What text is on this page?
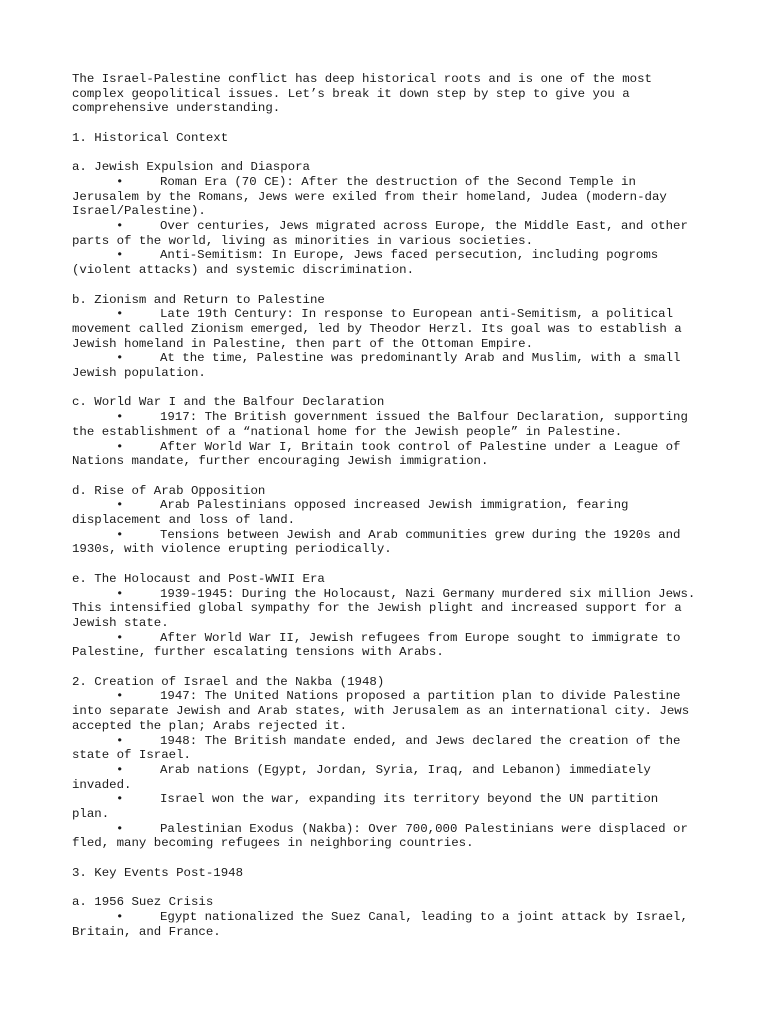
The Israel-Palestine conflict has deep historical roots and is one of the most complex geopolitical issues. Let’s break it down step by step to give you a comprehensive understanding.

1. Historical Context

a. Jewish Expulsion and Diaspora

•	Roman Era (70 CE): After the destruction of the Second Temple in Jerusalem by the Romans, Jews were exiled from their homeland, Judea (modern-day Israel/Palestine).

•	Over centuries, Jews migrated across Europe, the Middle East, and other parts of the world, living as minorities in various societies.

•	Anti-Semitism: In Europe, Jews faced persecution, including pogroms (violent attacks) and systemic discrimination.

b. Zionism and Return to Palestine

•	Late 19th Century: In response to European anti-Semitism, a political movement called Zionism emerged, led by Theodor Herzl. Its goal was to establish a Jewish homeland in Palestine, then part of the Ottoman Empire.

•	At the time, Palestine was predominantly Arab and Muslim, with a small Jewish population.

c. World War I and the Balfour Declaration

•	1917: The British government issued the Balfour Declaration, supporting the establishment of a “national home for the Jewish people” in Palestine.

•	After World War I, Britain took control of Palestine under a League of Nations mandate, further encouraging Jewish immigration.

d. Rise of Arab Opposition

•	Arab Palestinians opposed increased Jewish immigration, fearing displacement and loss of land.

•	Tensions between Jewish and Arab communities grew during the 1920s and 1930s, with violence erupting periodically.

e. The Holocaust and Post-WWII Era

•	1939-1945: During the Holocaust, Nazi Germany murdered six million Jews. This intensified global sympathy for the Jewish plight and increased support for a Jewish state.

•	After World War II, Jewish refugees from Europe sought to immigrate to Palestine, further escalating tensions with Arabs.

2. Creation of Israel and the Nakba (1948)

•	1947: The United Nations proposed a partition plan to divide Palestine into separate Jewish and Arab states, with Jerusalem as an international city. Jews accepted the plan; Arabs rejected it.

•	1948: The British mandate ended, and Jews declared the creation of the state of Israel.

•	Arab nations (Egypt, Jordan, Syria, Iraq, and Lebanon) immediately invaded.

•	Israel won the war, expanding its territory beyond the UN partition plan.

•	Palestinian Exodus (Nakba): Over 700,000 Palestinians were displaced or fled, many becoming refugees in neighboring countries.

3. Key Events Post-1948

a. 1956 Suez Crisis

•	Egypt nationalized the Suez Canal, leading to a joint attack by Israel, Britain, and France.
